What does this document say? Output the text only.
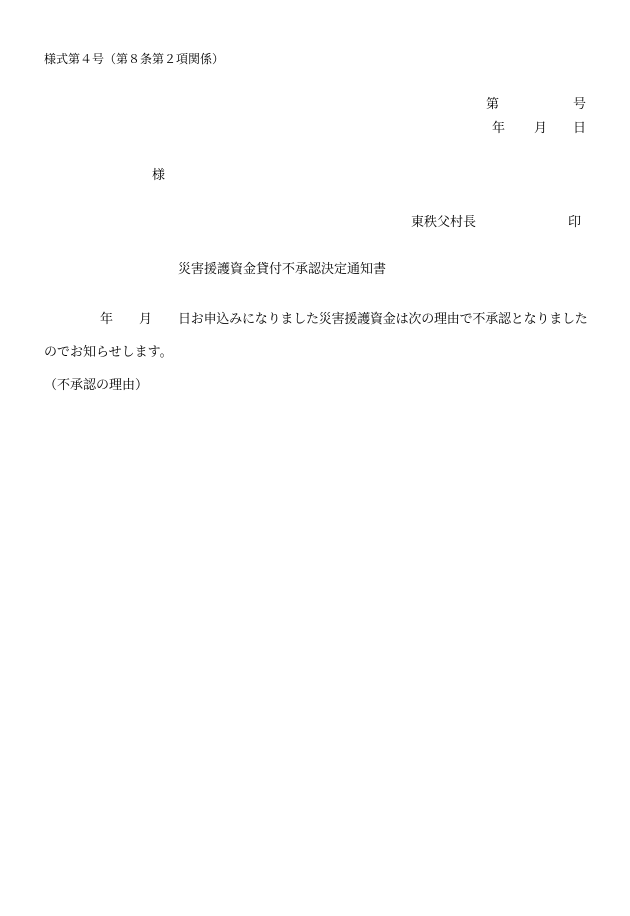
様式第４号（第８条第２項関係）
第	号
年 月 日
様
東秩父村長	印
災害援護資金貸付不承認決定通知書
年 月 日お申込みになりました災害援護資金は次の理由で不承認となりました
のでお知らせします。
（不承認の理由）
